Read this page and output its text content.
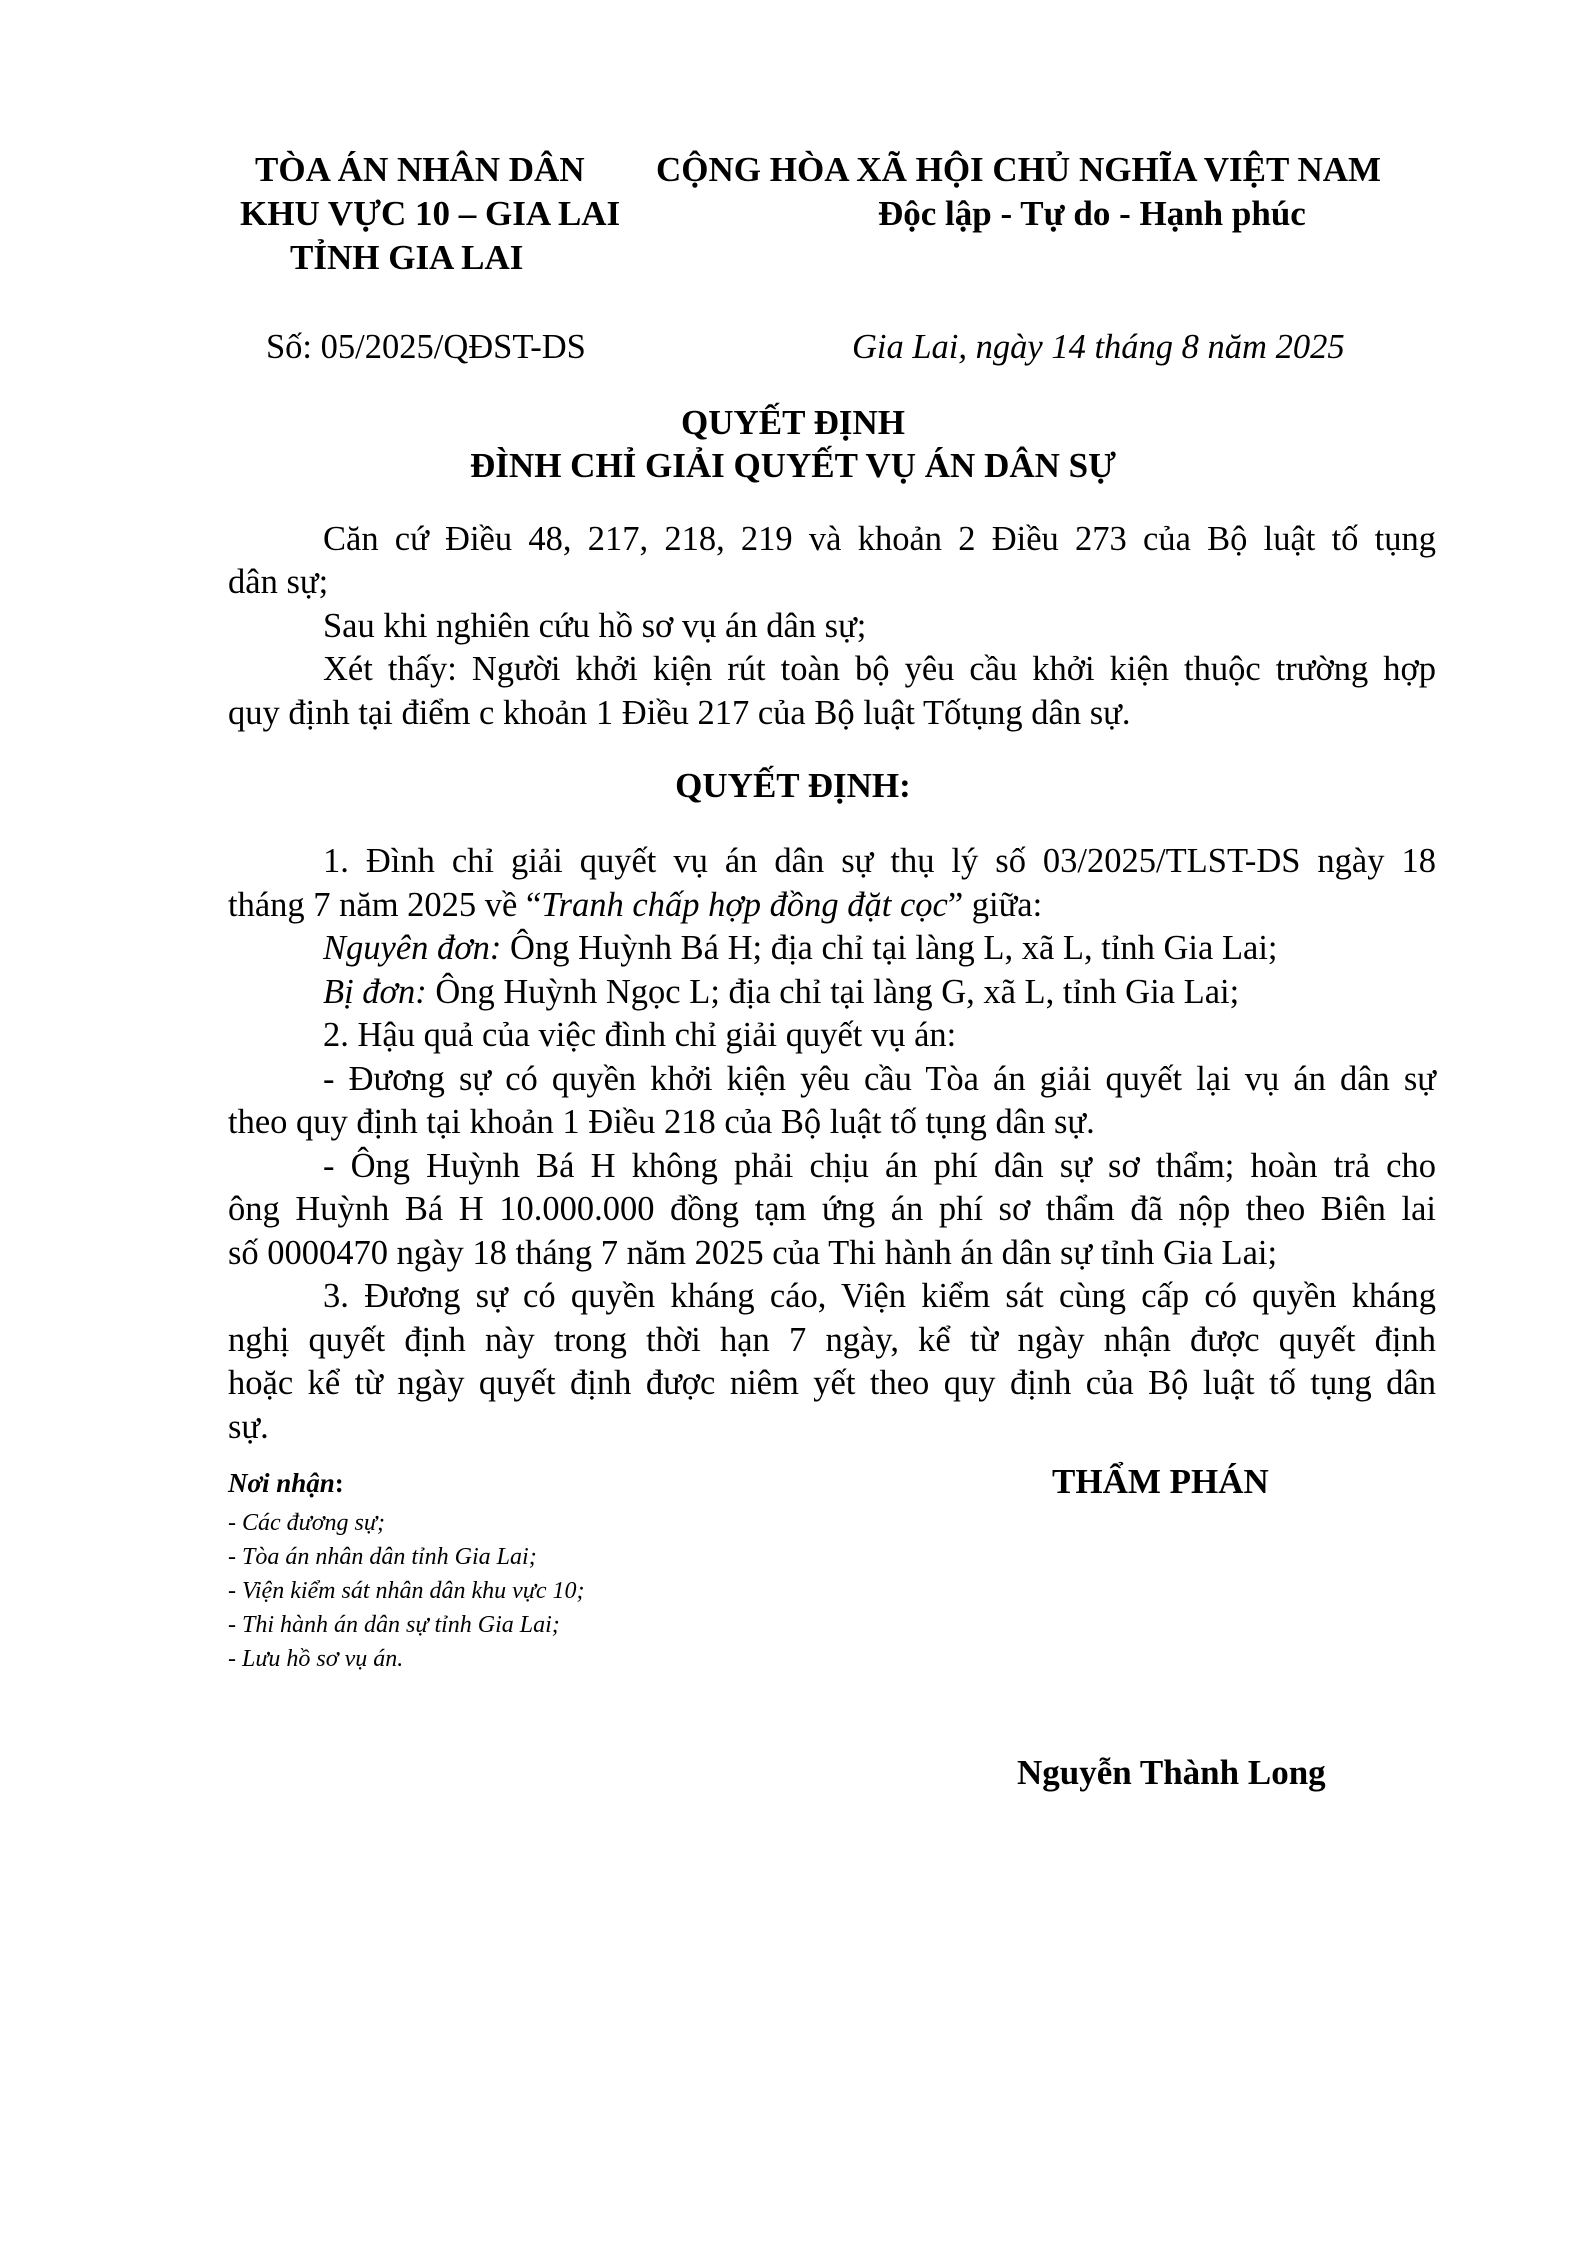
TÒA ÁN NHÂN DÂN
KHU VỰC 10 – GIA LAI
TỈNH GIA LAI
CỘNG HÒA XÃ HỘI CHỦ NGHĨA VIỆT NAM
Độc lập - Tự do - Hạnh phúc
Số: 05/2025/QĐST-DS	Gia Lai, ngày 14 tháng 8 năm 2025
QUYẾT ĐỊNH
ĐÌNH CHỈ GIẢI QUYẾT VỤ ÁN DÂN SỰ
Căn cứ Điều 48, 217, 218, 219 và khoản 2 Điều 273 của Bộ luật tố tụng
dân sự;
Sau khi nghiên cứu hồ sơ vụ án dân sự;
Xét thấy: Người khởi kiện rút toàn bộ yêu cầu khởi kiện thuộc trường hợp
quy định tại điểm c khoản 1 Điều 217 của Bộ luật Tốtụng dân sự.
QUYẾT ĐỊNH:
1. Đình chỉ giải quyết vụ án dân sự thụ lý số 03/2025/TLST-DS ngày 18
tháng 7 năm 2025 về “Tranh chấp hợp đồng đặt cọc” giữa:
Nguyên đơn: Ông Huỳnh Bá H; địa chỉ tại làng L, xã L, tỉnh Gia Lai;
Bị đơn: Ông Huỳnh Ngọc L; địa chỉ tại làng G, xã L, tỉnh Gia Lai;
2. Hậu quả của việc đình chỉ giải quyết vụ án:
- Đương sự có quyền khởi kiện yêu cầu Tòa án giải quyết lại vụ án dân sự
theo quy định tại khoản 1 Điều 218 của Bộ luật tố tụng dân sự.
- Ông Huỳnh Bá H không phải chịu án phí dân sự sơ thẩm; hoàn trả cho
ông Huỳnh Bá H 10.000.000 đồng tạm ứng án phí sơ thẩm đã nộp theo Biên lai
số 0000470 ngày 18 tháng 7 năm 2025 của Thi hành án dân sự tỉnh Gia Lai;
3. Đương sự có quyền kháng cáo, Viện kiểm sát cùng cấp có quyền kháng
nghị quyết định này trong thời hạn 7 ngày, kể từ ngày nhận được quyết định
hoặc kể từ ngày quyết định được niêm yết theo quy định của Bộ luật tố tụng dân
sự.
Nơi nhận:
- Các đương sự;
- Tòa án nhân dân tỉnh Gia Lai;
- Viện kiểm sát nhân dân khu vực 10;
- Thi hành án dân sự tỉnh Gia Lai;
- Lưu hồ sơ vụ án.
THẨM PHÁN
Nguyễn Thành Long
